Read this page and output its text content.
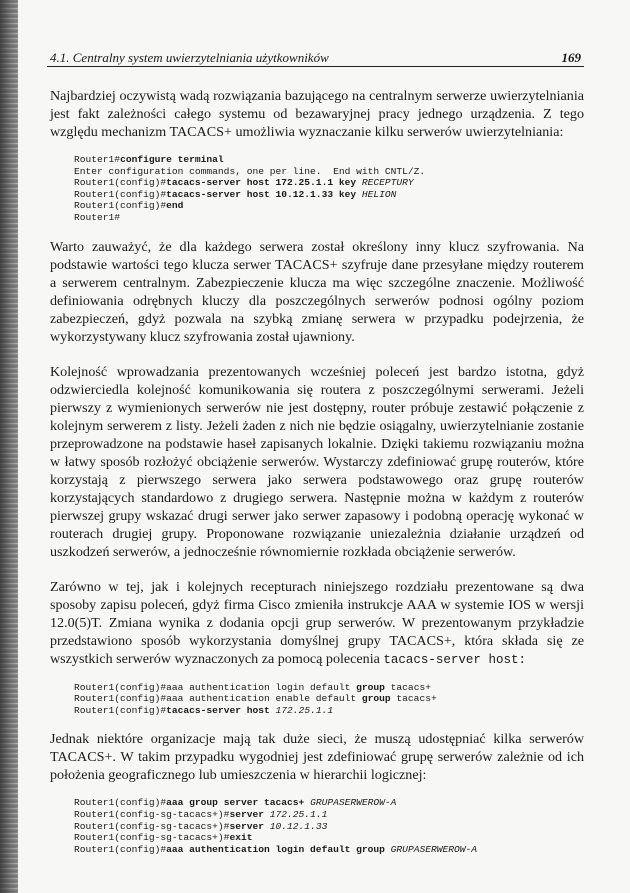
4.1. Centralny system uwierzytelniania użytkowników	169

Najbardziej oczywistą wadą rozwiązania bazującego na centralnym serwerze uwierzytelniania jest fakt zależności całego systemu od bezawaryjnej pracy jednego urządzenia. Z tego względu mechanizm TACACS+ umożliwia wyznaczanie kilku serwerów uwierzytelniania:

Router1#configure terminal
Enter configuration commands, one per line.  End with CNTL/Z.
Router1(config)#tacacs-server host 172.25.1.1 key RECEPTURY
Router1(config)#tacacs-server host 10.12.1.33 key HELION
Router1(config)#end
Router1#

Warto zauważyć, że dla każdego serwera został określony inny klucz szyfrowania. Na podstawie wartości tego klucza serwer TACACS+ szyfruje dane przesyłane między routerem a serwerem centralnym. Zabezpieczenie klucza ma więc szczególne znaczenie. Możliwość definiowania odrębnych kluczy dla poszczególnych serwerów podnosi ogólny poziom zabezpieczeń, gdyż pozwala na szybką zmianę serwera w przypadku podejrzenia, że wykorzystywany klucz szyfrowania został ujawniony.

Kolejność wprowadzania prezentowanych wcześniej poleceń jest bardzo istotna, gdyż odzwierciedla kolejność komunikowania się routera z poszczególnymi serwerami. Jeżeli pierwszy z wymienionych serwerów nie jest dostępny, router próbuje zestawić połączenie z kolejnym serwerem z listy. Jeżeli żaden z nich nie będzie osiągalny, uwierzytelnianie zostanie przeprowadzone na podstawie haseł zapisanych lokalnie. Dzięki takiemu rozwiązaniu można w łatwy sposób rozłożyć obciążenie serwerów. Wystarczy zdefiniować grupę routerów, które korzystają z pierwszego serwera jako serwera podstawowego oraz grupę routerów korzystających standardowo z drugiego serwera. Następnie można w każdym z routerów pierwszej grupy wskazać drugi serwer jako serwer zapasowy i podobną operację wykonać w routerach drugiej grupy. Proponowane rozwiązanie uniezależnia działanie urządzeń od uszkodzeń serwerów, a jednocześnie równomiernie rozkłada obciążenie serwerów.

Zarówno w tej, jak i kolejnych recepturach niniejszego rozdziału prezentowane są dwa sposoby zapisu poleceń, gdyż firma Cisco zmieniła instrukcje AAA w systemie IOS w wersji 12.0(5)T. Zmiana wynika z dodania opcji grup serwerów. W prezentowanym przykładzie przedstawiono sposób wykorzystania domyślnej grupy TACACS+, która składa się ze wszystkich serwerów wyznaczonych za pomocą polecenia tacacs-server host:

Router1(config)#aaa authentication login default group tacacs+
Router1(config)#aaa authentication enable default group tacacs+
Router1(config)#tacacs-server host 172.25.1.1

Jednak niektóre organizacje mają tak duże sieci, że muszą udostępniać kilka serwerów TACACS+. W takim przypadku wygodniej jest zdefiniować grupę serwerów zależnie od ich położenia geograficznego lub umieszczenia w hierarchii logicznej:

Router1(config)#aaa group server tacacs+ GRUPASERWEROW-A
Router1(config-sg-tacacs+)#server 172.25.1.1
Router1(config-sg-tacacs+)#server 10.12.1.33
Router1(config-sg-tacacs+)#exit
Router1(config)#aaa authentication login default group GRUPASERWEROW-A
